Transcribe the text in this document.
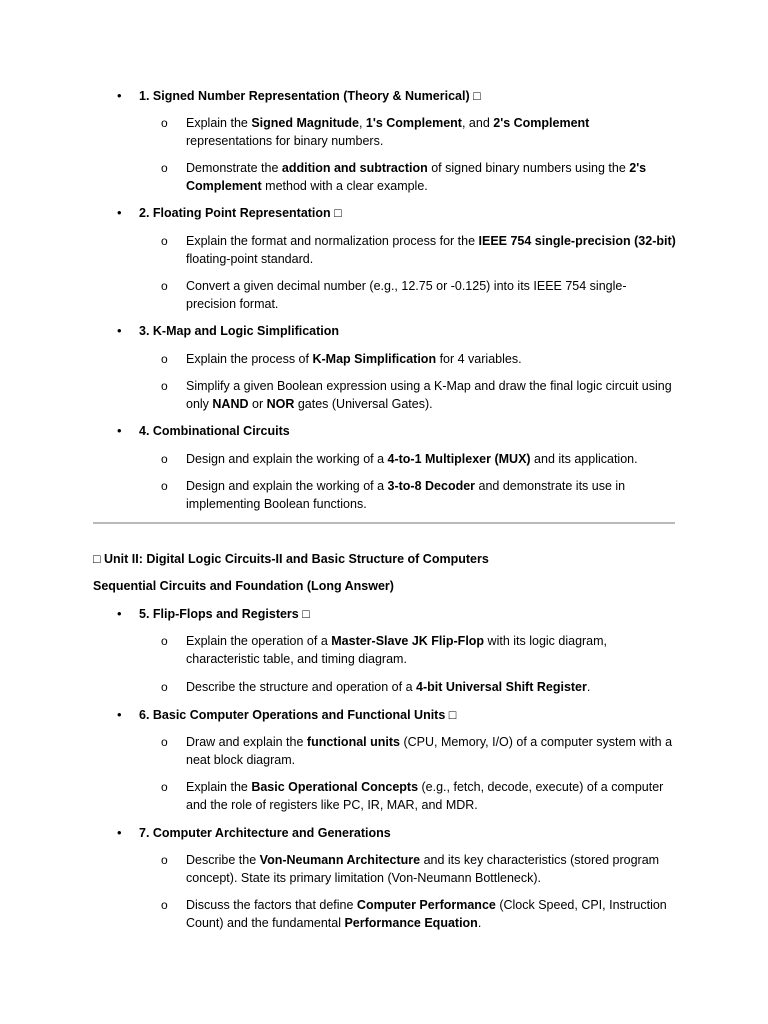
• 1. Signed Number Representation (Theory & Numerical) □
o Explain the Signed Magnitude, 1's Complement, and 2's Complement representations for binary numbers.
o Demonstrate the addition and subtraction of signed binary numbers using the 2's Complement method with a clear example.
• 2. Floating Point Representation □
o Explain the format and normalization process for the IEEE 754 single-precision (32-bit) floating-point standard.
o Convert a given decimal number (e.g., 12.75 or -0.125) into its IEEE 754 single-precision format.
• 3. K-Map and Logic Simplification
o Explain the process of K-Map Simplification for 4 variables.
o Simplify a given Boolean expression using a K-Map and draw the final logic circuit using only NAND or NOR gates (Universal Gates).
• 4. Combinational Circuits
o Design and explain the working of a 4-to-1 Multiplexer (MUX) and its application.
o Design and explain the working of a 3-to-8 Decoder and demonstrate its use in implementing Boolean functions.
□ Unit II: Digital Logic Circuits-II and Basic Structure of Computers
Sequential Circuits and Foundation (Long Answer)
• 5. Flip-Flops and Registers □
o Explain the operation of a Master-Slave JK Flip-Flop with its logic diagram, characteristic table, and timing diagram.
o Describe the structure and operation of a 4-bit Universal Shift Register.
• 6. Basic Computer Operations and Functional Units □
o Draw and explain the functional units (CPU, Memory, I/O) of a computer system with a neat block diagram.
o Explain the Basic Operational Concepts (e.g., fetch, decode, execute) of a computer and the role of registers like PC, IR, MAR, and MDR.
• 7. Computer Architecture and Generations
o Describe the Von-Neumann Architecture and its key characteristics (stored program concept). State its primary limitation (Von-Neumann Bottleneck).
o Discuss the factors that define Computer Performance (Clock Speed, CPI, Instruction Count) and the fundamental Performance Equation.
